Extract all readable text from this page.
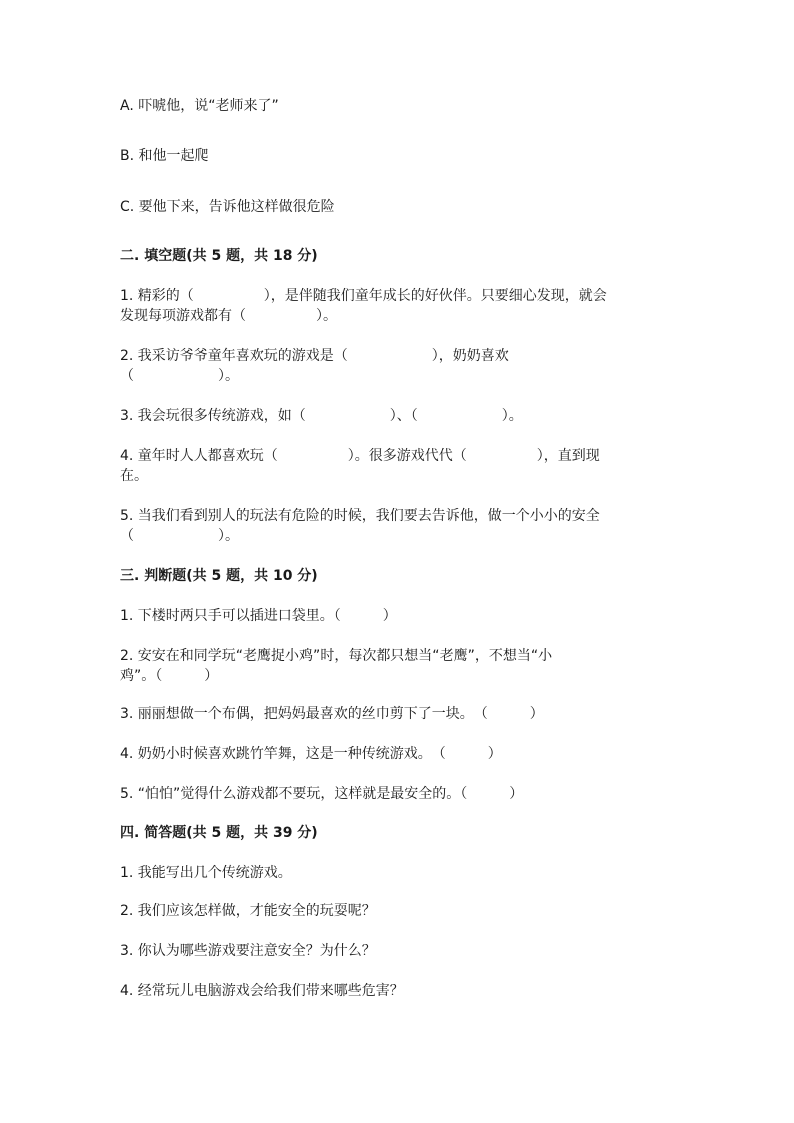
A. 吓唬他，说“老师来了”
B. 和他一起爬
C. 要他下来，告诉他这样做很危险
二. 填空题(共 5 题，共 18 分)
1. 精彩的（　　　　　），是伴随我们童年成长的好伙伴。只要细心发现，就会
发现每项游戏都有（　　　　　）。
2. 我采访爷爷童年喜欢玩的游戏是（　　　　　　），奶奶喜欢
（　　　　　　）。
3. 我会玩很多传统游戏，如（　　　　　　）、（　　　　　　）。
4. 童年时人人都喜欢玩（　　　　　）。很多游戏代代（　　　　　），直到现
在。
5. 当我们看到别人的玩法有危险的时候，我们要去告诉他，做一个小小的安全
（　　　　　　）。
三. 判断题(共 5 题，共 10 分)
1. 下楼时两只手可以插进口袋里。（　　　）
2. 安安在和同学玩“老鹰捉小鸡”时，每次都只想当“老鹰”，不想当“小
鸡”。（　　　）
3. 丽丽想做一个布偶，把妈妈最喜欢的丝巾剪下了一块。　（　　　）
4. 奶奶小时候喜欢跳竹竿舞，这是一种传统游戏。　（　　　）
5. “怕怕”觉得什么游戏都不要玩，这样就是最安全的。（　　　）
四. 简答题(共 5 题，共 39 分)
1. 我能写出几个传统游戏。
2. 我们应该怎样做，才能安全的玩耍呢？
3. 你认为哪些游戏要注意安全？为什么？
4. 经常玩儿电脑游戏会给我们带来哪些危害？
